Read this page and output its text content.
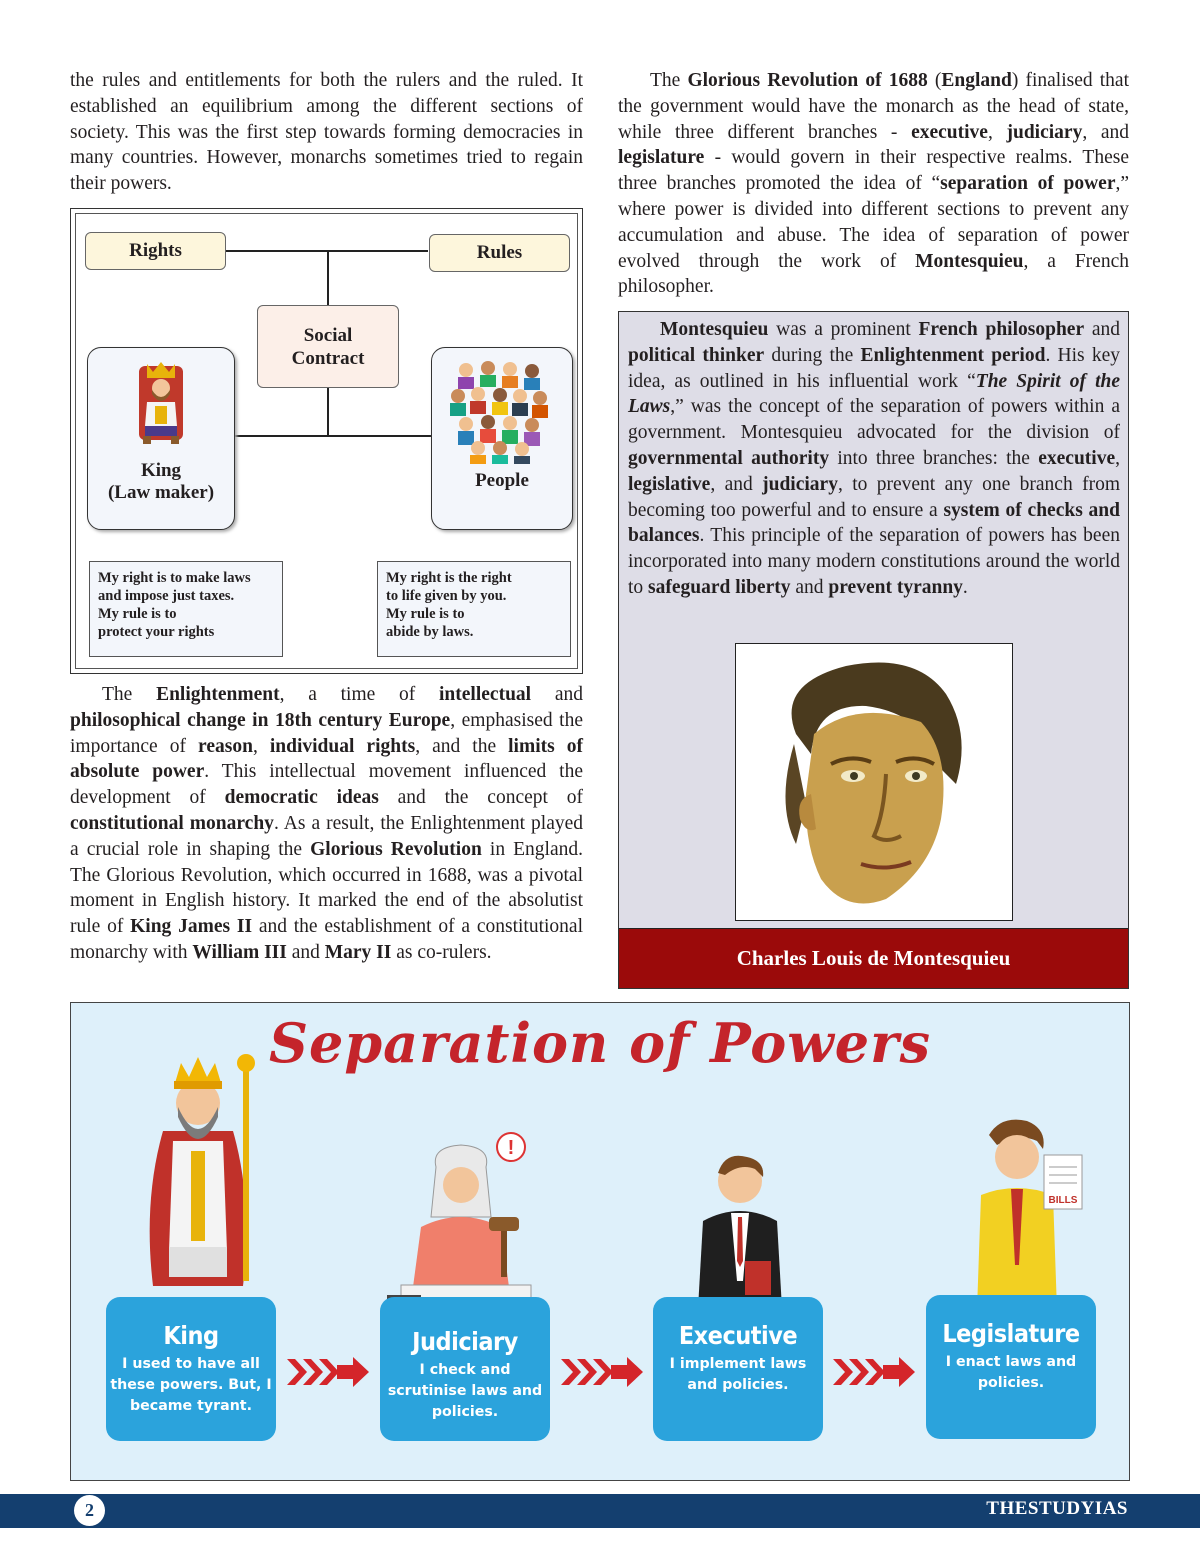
the rules and entitlements for both the rulers and the ruled. It established an equilibrium among the different sections of society. This was the first step towards forming democracies in many countries. However, monarchs sometimes tried to regain their powers.

Rights	Rules
Social
Contract
King
(Law maker)
People
My right is to make laws
and impose just taxes.
My rule is to
protect your rights
My right is the right
to life given by you.
My rule is to
abide by laws.

The Enlightenment, a time of intellectual and philosophical change in 18th century Europe, emphasised the importance of reason, individual rights, and the limits of absolute power. This intellectual movement influenced the development of democratic ideas and the concept of constitutional monarchy. As a result, the Enlightenment played a crucial role in shaping the Glorious Revolution in England. The Glorious Revolution, which occurred in 1688, was a pivotal moment in English history. It marked the end of the absolutist rule of King James II and the establishment of a constitutional monarchy with William III and Mary II as co-rulers.

The Glorious Revolution of 1688 (England) finalised that the government would have the monarch as the head of state, while three different branches - executive, judiciary, and legislature - would govern in their respective realms. These three branches promoted the idea of “separation of power,” where power is divided into different sections to prevent any accumulation and abuse. The idea of separation of power evolved through the work of Montesquieu, a French philosopher.

Montesquieu was a prominent French philosopher and political thinker during the Enlightenment period. His key idea, as outlined in his influential work “The Spirit of the Laws,” was the concept of the separation of powers within a government. Montesquieu advocated for the division of governmental authority into three branches: the executive, legislative, and judiciary, to prevent any one branch from becoming too powerful and to ensure a system of checks and balances. This principle of the separation of powers has been incorporated into many modern constitutions around the world to safeguard liberty and prevent tyranny.

Charles Louis de Montesquieu
Separation of Powers
!
BILLS
King
I used to have all these powers. But, I became tyrant.
Judiciary
I check and scrutinise laws and policies.
Executive
I implement laws and policies.
Legislature
I enact laws and policies.
2	THESTUDYIAS
